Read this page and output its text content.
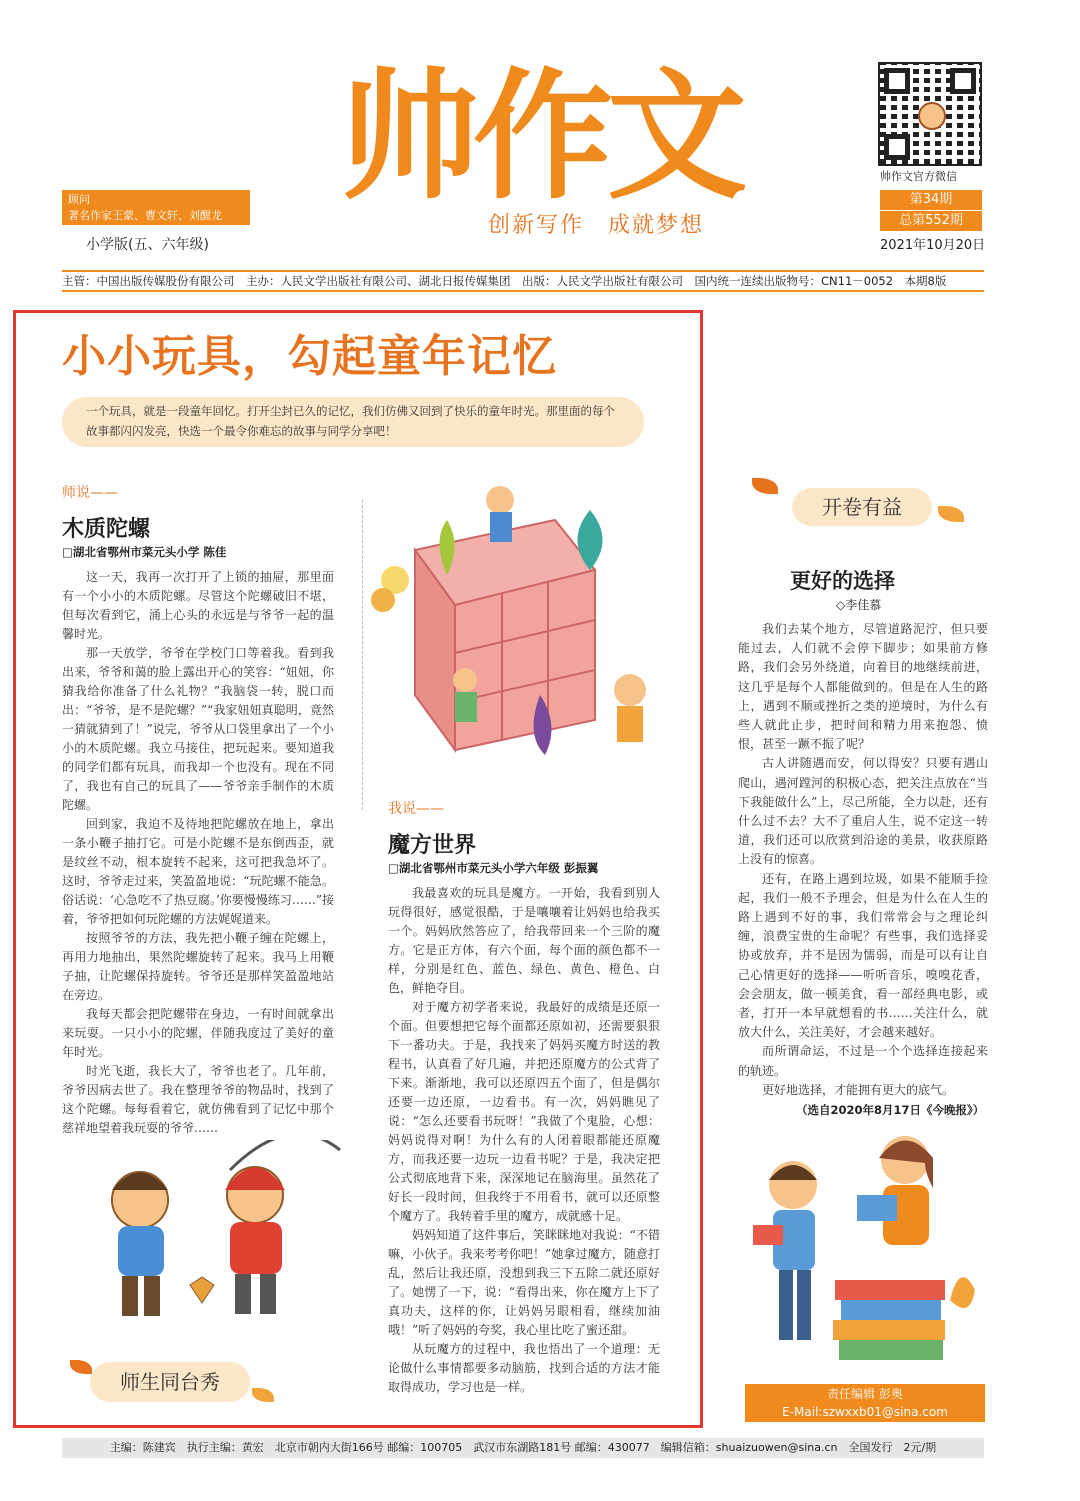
帅作文
创新写作　成就梦想
顾问
著名作家王蒙、曹文轩、刘醒龙
小学版(五、六年级)
帅作文官方微信
第34期
总第552期
2021年10月20日
主管：中国出版传媒股份有限公司　主办：人民文学出版社有限公司、湖北日报传媒集团　出版：人民文学出版社有限公司　国内统一连续出版物号：CN11－0052　本期8版
小小玩具，勾起童年记忆
一个玩具，就是一段童年回忆。打开尘封已久的记忆，我们仿佛又回到了快乐的童年时光。那里面的每个故事都闪闪发亮，快选一个最令你难忘的故事与同学分享吧！
师说——
木质陀螺
□湖北省鄂州市菜元头小学 陈佳

这一天，我再一次打开了上锁的抽屉，那里面有一个小小的木质陀螺。尽管这个陀螺破旧不堪，但每次看到它，涌上心头的永远是与爷爷一起的温馨时光。

那一天放学，爷爷在学校门口等着我。看到我出来，爷爷和蔼的脸上露出开心的笑容：“妞妞，你猜我给你准备了什么礼物？”我脑袋一转，脱口而出：“爷爷，是不是陀螺？”“我家妞妞真聪明，竟然一猜就猜到了！”说完，爷爷从口袋里拿出了一个小小的木质陀螺。我立马接住，把玩起来。要知道我的同学们都有玩具，而我却一个也没有。现在不同了，我也有自己的玩具了——爷爷亲手制作的木质陀螺。

回到家，我迫不及待地把陀螺放在地上，拿出一条小鞭子抽打它。可是小陀螺不是东倒西歪，就是纹丝不动，根本旋转不起来，这可把我急坏了。这时，爷爷走过来，笑盈盈地说：“玩陀螺不能急。俗话说：‘心急吃不了热豆腐。’你要慢慢练习……”接着，爷爷把如何玩陀螺的方法娓娓道来。

按照爷爷的方法，我先把小鞭子缠在陀螺上，再用力地抽出，果然陀螺旋转了起来。我马上用鞭子抽，让陀螺保持旋转。爷爷还是那样笑盈盈地站在旁边。

我每天都会把陀螺带在身边，一有时间就拿出来玩耍。一只小小的陀螺，伴随我度过了美好的童年时光。

时光飞逝，我长大了，爷爷也老了。几年前，爷爷因病去世了。我在整理爷爷的物品时，找到了这个陀螺。每每看着它，就仿佛看到了记忆中那个慈祥地望着我玩耍的爷爷……

我说——
魔方世界
□湖北省鄂州市菜元头小学六年级 彭振翼

我最喜欢的玩具是魔方。一开始，我看到别人玩得很好，感觉很酷，于是嚷嚷着让妈妈也给我买一个。妈妈欣然答应了，给我带回来一个三阶的魔方。它是正方体，有六个面，每个面的颜色都不一样，分别是红色、蓝色、绿色、黄色、橙色、白色，鲜艳夺目。

对于魔方初学者来说，我最好的成绩是还原一个面。但要想把它每个面都还原如初，还需要狠狠下一番功夫。于是，我找来了妈妈买魔方时送的教程书，认真看了好几遍，并把还原魔方的公式背了下来。渐渐地，我可以还原四五个面了，但是偶尔还要一边还原，一边看书。有一次，妈妈瞧见了说：“怎么还要看书玩呀！”我做了个鬼脸，心想：妈妈说得对啊！为什么有的人闭着眼都能还原魔方，而我还要一边玩一边看书呢？于是，我决定把公式彻底地背下来，深深地记在脑海里。虽然花了好长一段时间，但我终于不用看书，就可以还原整个魔方了。我转着手里的魔方，成就感十足。

妈妈知道了这件事后，笑眯眯地对我说：“不错嘛，小伙子。我来考考你吧！”她拿过魔方，随意打乱，然后让我还原，没想到我三下五除二就还原好了。她愣了一下，说：“看得出来，你在魔方上下了真功夫，这样的你，让妈妈另眼相看，继续加油哦！”听了妈妈的夸奖，我心里比吃了蜜还甜。

从玩魔方的过程中，我也悟出了一个道理：无论做什么事情都要多动脑筋，找到合适的方法才能取得成功，学习也是一样。

师生同台秀
开卷有益
更好的选择
◇李佳慕

我们去某个地方，尽管道路泥泞，但只要能过去，人们就不会停下脚步；如果前方修路，我们会另外绕道，向着目的地继续前进，这几乎是每个人都能做到的。但是在人生的路上，遇到不顺或挫折之类的逆境时，为什么有些人就此止步，把时间和精力用来抱怨、愤恨，甚至一蹶不振了呢？

古人讲随遇而安，何以得安？只要有遇山爬山，遇河蹚河的积极心态，把关注点放在“当下我能做什么”上，尽己所能，全力以赴，还有什么过不去？大不了重启人生，说不定这一转道，我们还可以欣赏到沿途的美景，收获原路上没有的惊喜。

还有，在路上遇到垃圾，如果不能顺手捡起，我们一般不予理会，但是为什么在人生的路上遇到不好的事，我们常常会与之理论纠缠，浪费宝贵的生命呢？有些事，我们选择妥协或放弃，并不是因为懦弱，而是可以有让自己心情更好的选择——听听音乐，嗅嗅花香，会会朋友，做一顿美食，看一部经典电影，或者，打开一本早就想看的书……关注什么，就放大什么，关注美好，才会越来越好。

而所谓命运，不过是一个个选择连接起来的轨迹。

更好地选择，才能拥有更大的底气。

（选自2020年8月17日《今晚报》）
责任编辑 彭奥
E-Mail:szwxxb01@sina.com
主编：陈建宾　执行主编：黄宏　北京市朝内大街166号 邮编：100705　武汉市东湖路181号 邮编：430077　编辑信箱：shuaizuowen@sina.cn　全国发行　2元/期
